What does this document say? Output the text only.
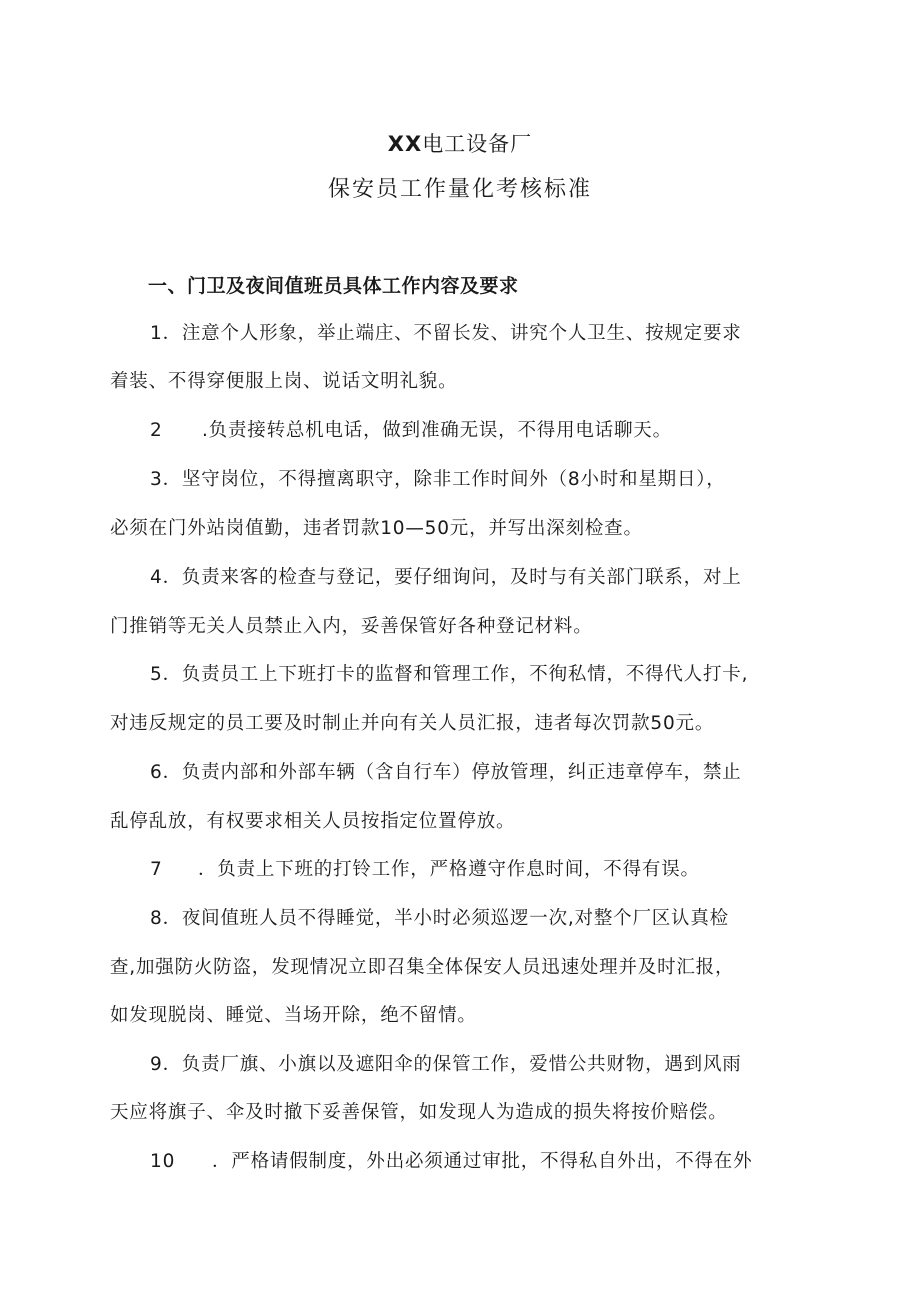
XX电工设备厂
保安员工作量化考核标准
一、门卫及夜间值班员具体工作内容及要求
1．注意个人形象，举止端庄、不留长发、讲究个人卫生、按规定要求
着装、不得穿便服上岗、说话文明礼貌。
2 .负责接转总机电话，做到准确无误，不得用电话聊天。
3．坚守岗位，不得擅离职守，除非工作时间外（8小时和星期日），
必须在门外站岗值勤，违者罚款10—50元，并写出深刻检查。
4．负责来客的检查与登记，要仔细询问，及时与有关部门联系，对上
门推销等无关人员禁止入内，妥善保管好各种登记材料。
5．负责员工上下班打卡的监督和管理工作，不徇私情，不得代人打卡,
对违反规定的员工要及时制止并向有关人员汇报，违者每次罚款50元。
6．负责内部和外部车辆（含自行车）停放管理，纠正违章停车，禁止
乱停乱放，有权要求相关人员按指定位置停放。
7 ．负责上下班的打铃工作，严格遵守作息时间，不得有误。
8．夜间值班人员不得睡觉，半小时必须巡逻一次,对整个厂区认真检
查,加强防火防盗，发现情况立即召集全体保安人员迅速处理并及时汇报，
如发现脱岗、睡觉、当场开除，绝不留情。
9．负责厂旗、小旗以及遮阳伞的保管工作，爱惜公共财物，遇到风雨
天应将旗子、伞及时撤下妥善保管，如发现人为造成的损失将按价赔偿。
10 ．严格请假制度，外出必须通过审批，不得私自外出，不得在外
